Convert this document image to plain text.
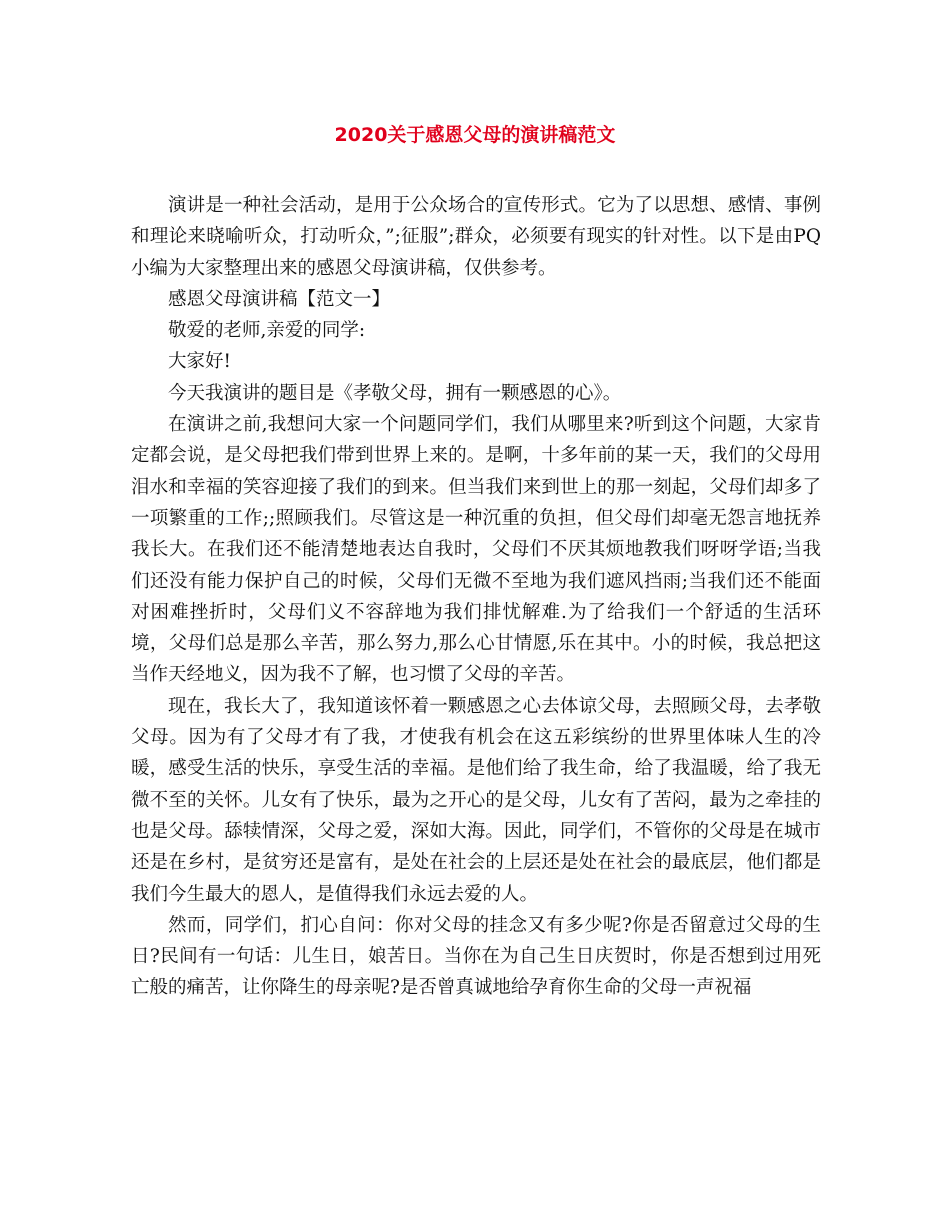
2020关于感恩父母的演讲稿范文

演讲是一种社会活动，是用于公众场合的宣传形式。它为了以思想、感情、事例和理论来晓喻听众，打动听众，”;征服”;群众，必须要有现实的针对性。以下是由PQ小编为大家整理出来的感恩父母演讲稿，仅供参考。

感恩父母演讲稿【范文一】

敬爱的老师,亲爱的同学:

大家好!

今天我演讲的题目是《孝敬父母，拥有一颗感恩的心》。

在演讲之前,我想问大家一个问题同学们，我们从哪里来?听到这个问题，大家肯定都会说，是父母把我们带到世界上来的。是啊，十多年前的某一天，我们的父母用泪水和幸福的笑容迎接了我们的到来。但当我们来到世上的那一刻起，父母们却多了一项繁重的工作;;照顾我们。尽管这是一种沉重的负担，但父母们却毫无怨言地抚养我长大。在我们还不能清楚地表达自我时，父母们不厌其烦地教我们呀呀学语;当我们还没有能力保护自己的时候，父母们无微不至地为我们遮风挡雨;当我们还不能面对困难挫折时，父母们义不容辞地为我们排忧解难.为了给我们一个舒适的生活环境，父母们总是那么辛苦，那么努力,那么心甘情愿,乐在其中。小的时候，我总把这当作天经地义，因为我不了解，也习惯了父母的辛苦。

现在，我长大了，我知道该怀着一颗感恩之心去体谅父母，去照顾父母，去孝敬父母。因为有了父母才有了我，才使我有机会在这五彩缤纷的世界里体味人生的冷暖，感受生活的快乐，享受生活的幸福。是他们给了我生命，给了我温暖，给了我无微不至的关怀。儿女有了快乐，最为之开心的是父母，儿女有了苦闷，最为之牵挂的也是父母。舔犊情深，父母之爱，深如大海。因此，同学们，不管你的父母是在城市还是在乡村，是贫穷还是富有，是处在社会的上层还是处在社会的最底层，他们都是我们今生最大的恩人，是值得我们永远去爱的人。

然而，同学们，扪心自问：你对父母的挂念又有多少呢?你是否留意过父母的生日?民间有一句话：儿生日，娘苦日。当你在为自己生日庆贺时，你是否想到过用死亡般的痛苦，让你降生的母亲呢?是否曾真诚地给孕育你生命的父母一声祝福
